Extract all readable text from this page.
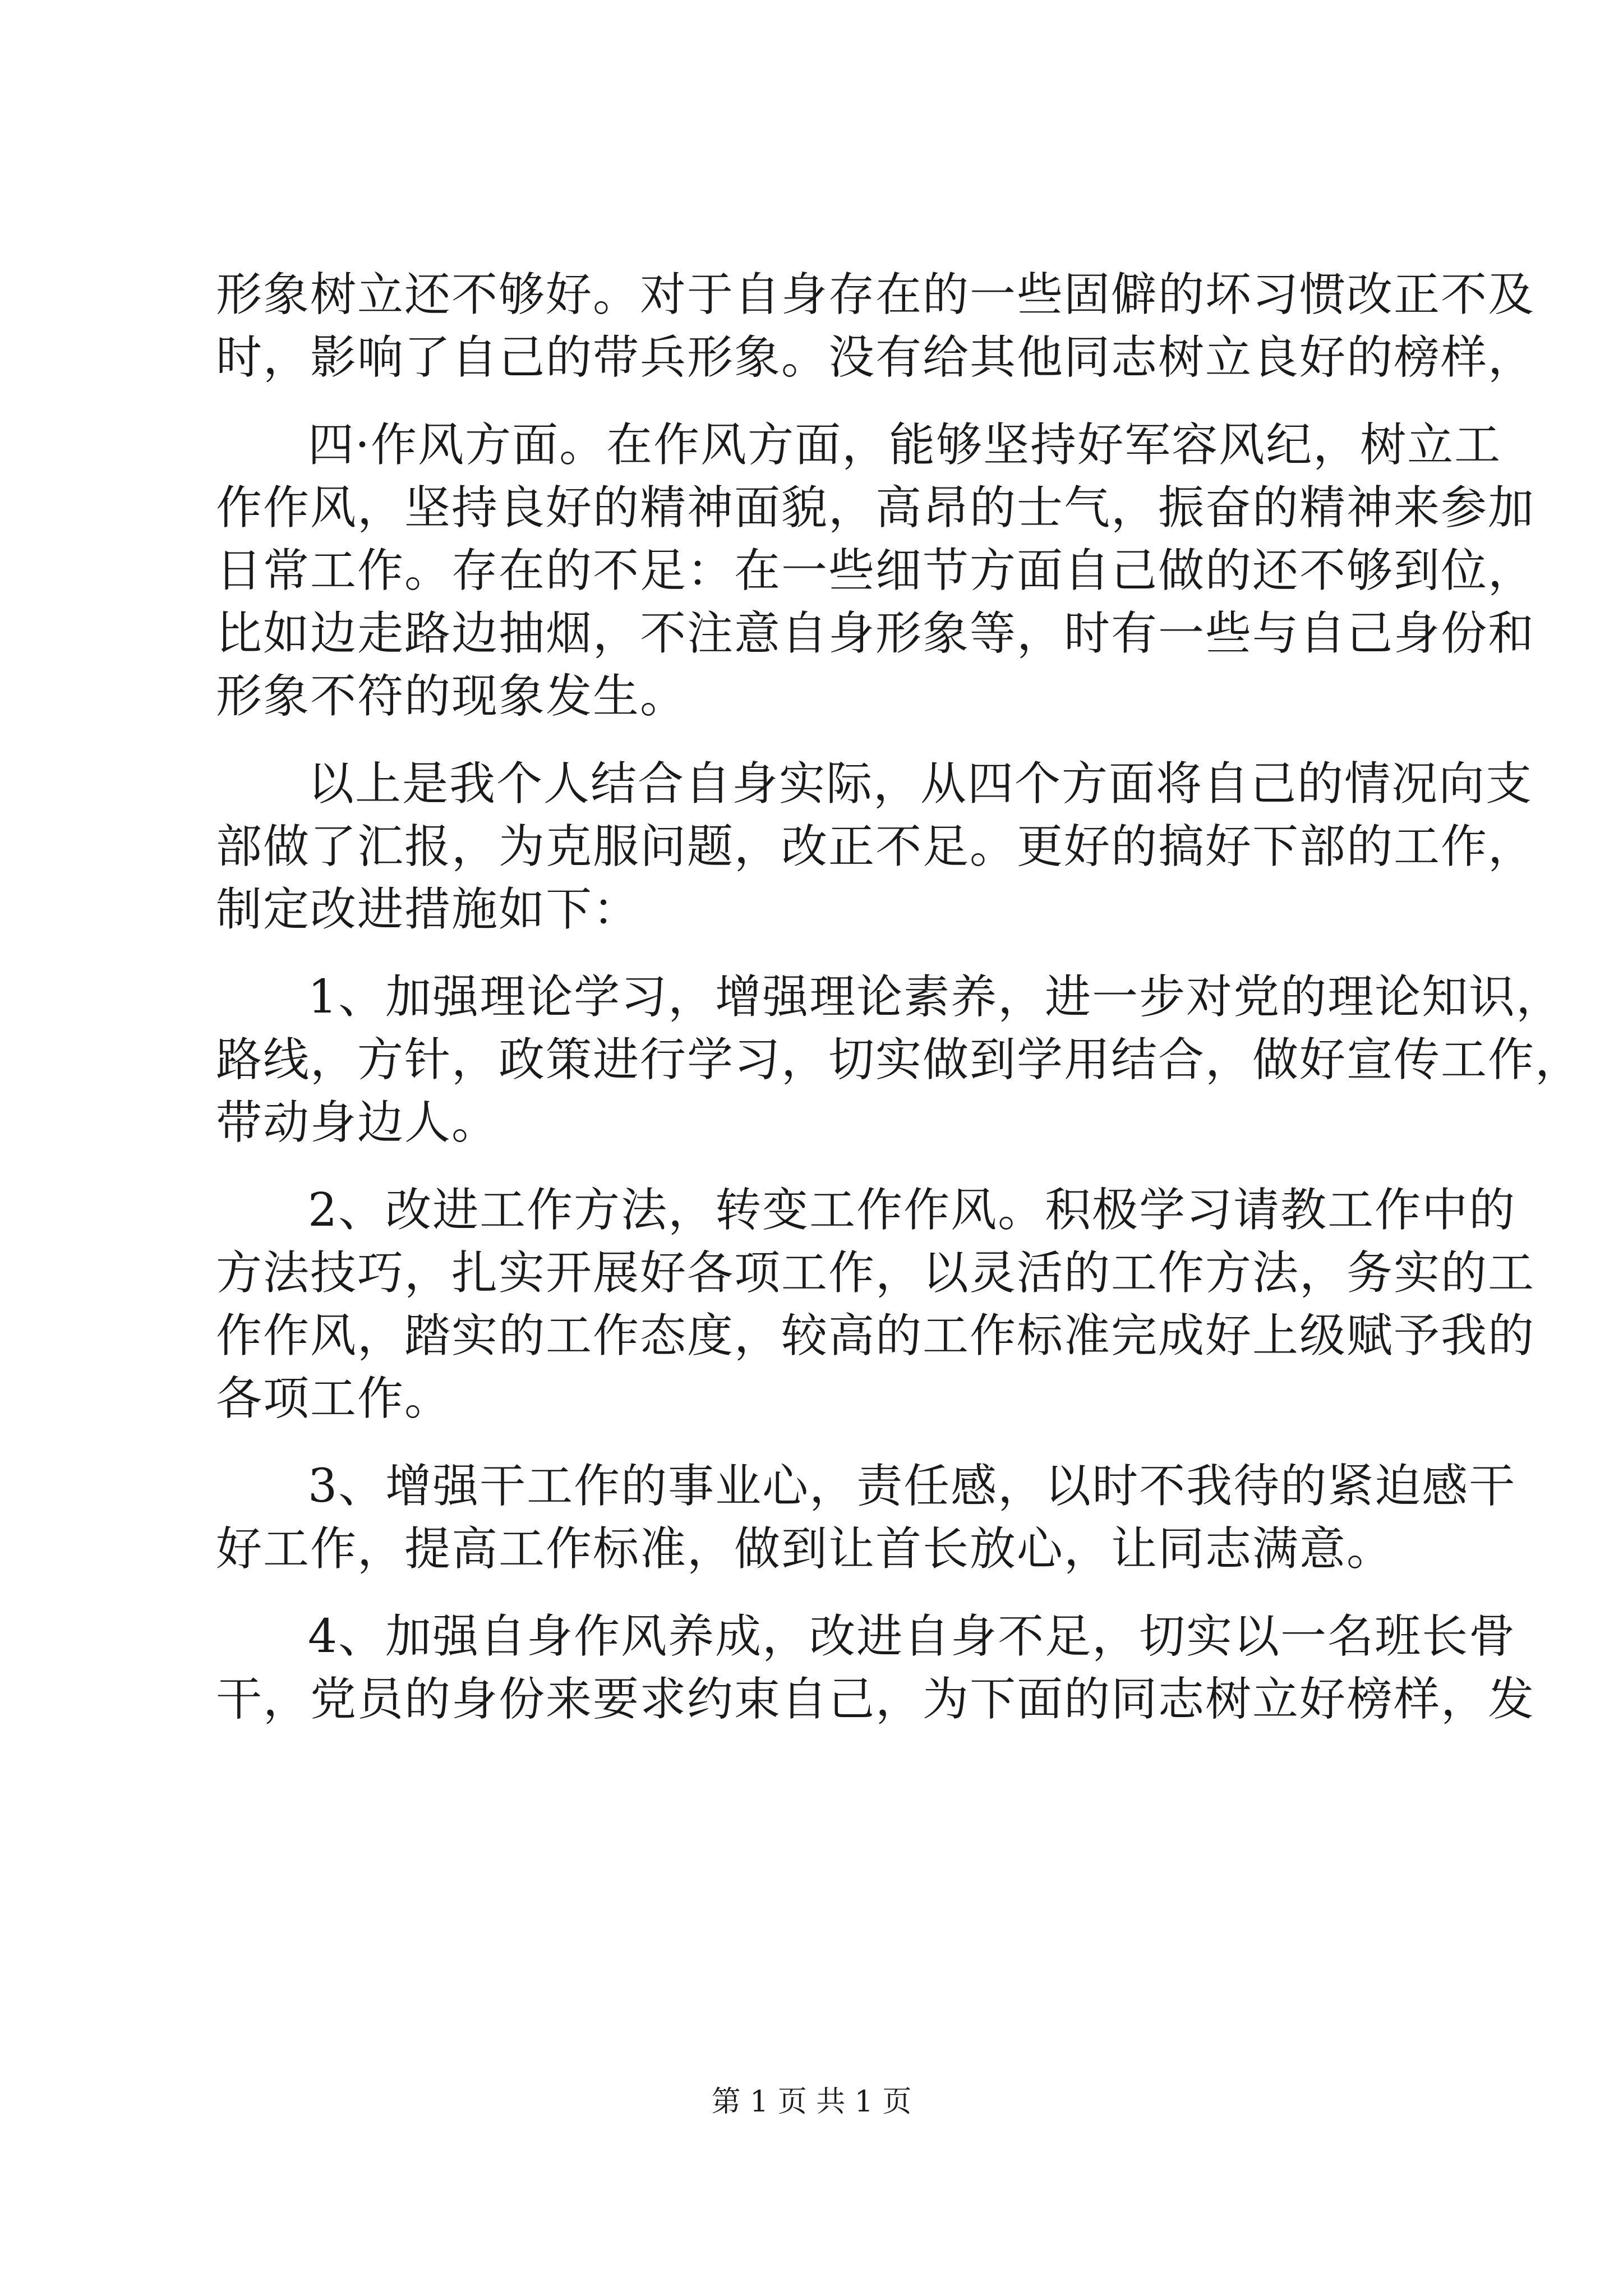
形象树立还不够好。对于自身存在的一些固僻的坏习惯改正不及
时，影响了自己的带兵形象。没有给其他同志树立良好的榜样，
四·作风方面。在作风方面，能够坚持好军容风纪，树立工
作作风，坚持良好的精神面貌，高昂的士气，振奋的精神来参加
日常工作。存在的不足：在一些细节方面自己做的还不够到位，
比如边走路边抽烟，不注意自身形象等，时有一些与自己身份和
形象不符的现象发生。
以上是我个人结合自身实际，从四个方面将自己的情况向支
部做了汇报，为克服问题，改正不足。更好的搞好下部的工作，
制定改进措施如下：
1、加强理论学习，增强理论素养，进一步对党的理论知识，
路线，方针，政策进行学习，切实做到学用结合，做好宣传工作，
带动身边人。
2、改进工作方法，转变工作作风。积极学习请教工作中的
方法技巧，扎实开展好各项工作，以灵活的工作方法，务实的工
作作风，踏实的工作态度，较高的工作标准完成好上级赋予我的
各项工作。
3、增强干工作的事业心，责任感，以时不我待的紧迫感干
好工作，提高工作标准，做到让首长放心，让同志满意。
4、加强自身作风养成，改进自身不足，切实以一名班长骨
干，党员的身份来要求约束自己，为下面的同志树立好榜样，发
第 1 页 共 1 页
